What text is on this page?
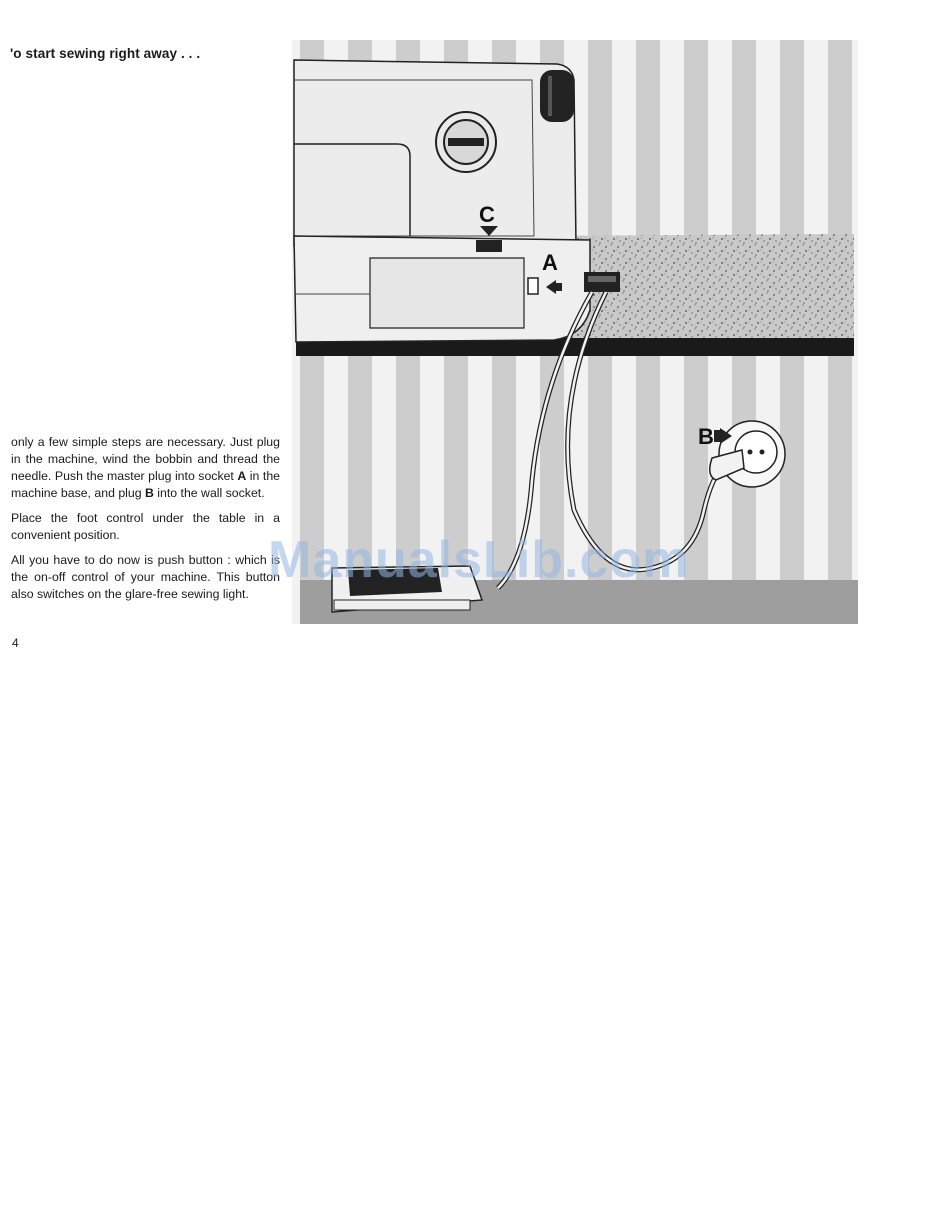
'o start sewing right away . . .

only a few simple steps are necessary. Just plug in the machine, wind the bobbin and thread the needle. Push the master plug into socket A in the machine base, and plug B into the wall socket.

Place the foot control under the table in a convenient position.

All you have to do now is push button : which is the on-off control of your machine. This button also switches on the glare-free sewing light.

4
C
A
B
ManualsLib.com
